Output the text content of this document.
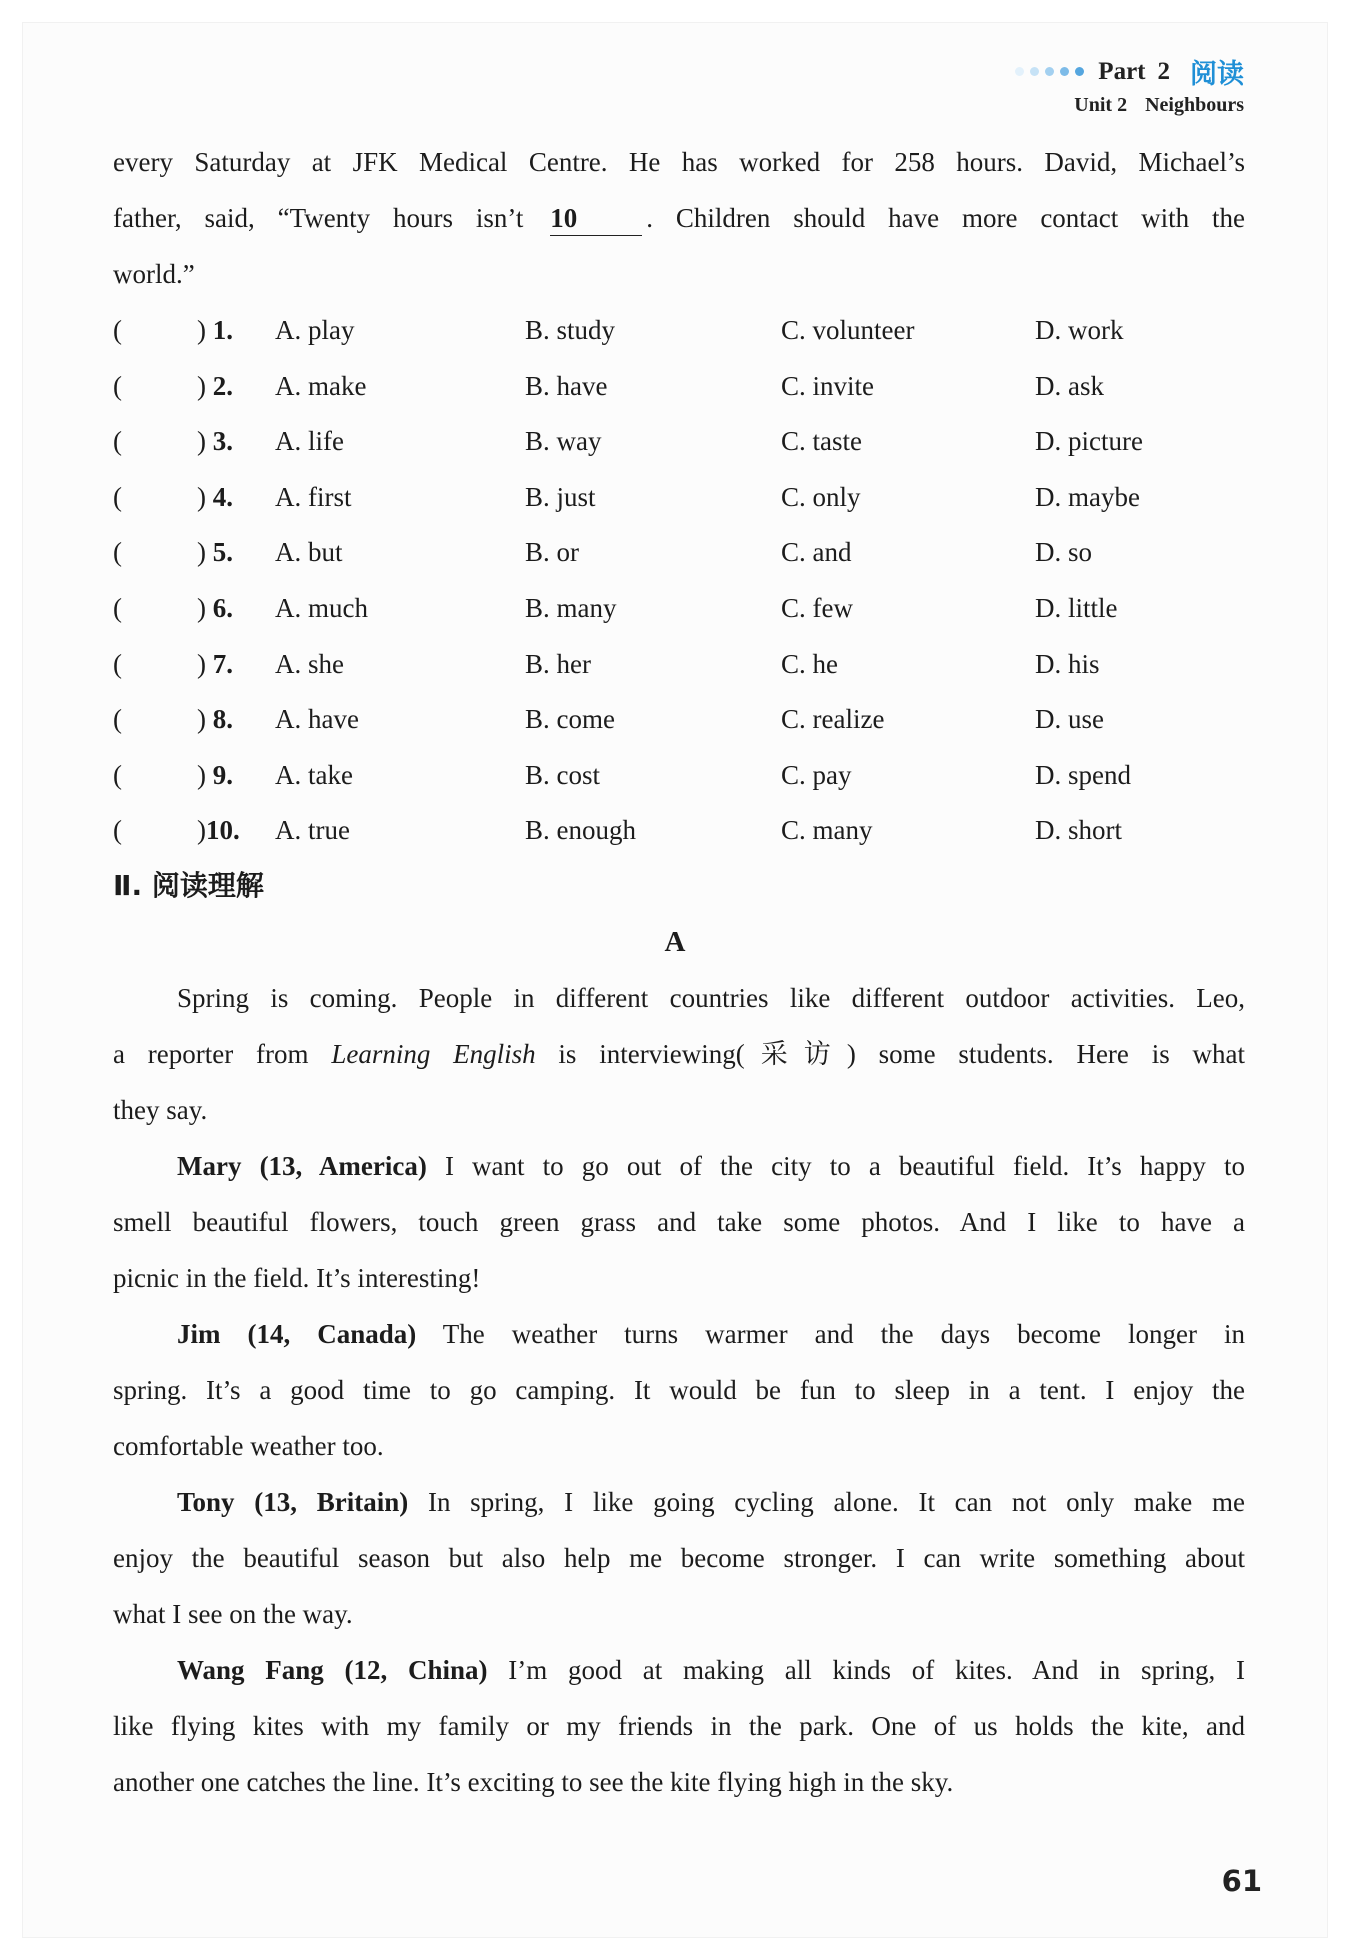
Part 2 阅读
Unit 2 Neighbours
every Saturday at JFK Medical Centre. He has worked for 258 hours. David, Michael’s
father, said, “Twenty hours isn’t 10	. Children should have more contact with the
world.”
(	) 1. A. play	B. study	C. volunteer	D. work
(	) 2. A. make	B. have	C. invite	D. ask
(	) 3. A. life	B. way	C. taste	D. picture
(	) 4. A. first	B. just	C. only	D. maybe
(	) 5. A. but	B. or	C. and	D. so
(	) 6. A. much	B. many	C. few	D. little
(	) 7. A. she	B. her	C. he	D. his
(	) 8. A. have	B. come	C. realize	D. use
(	) 9. A. take	B. cost	C. pay	D. spend
(	)10. A. true	B. enough	C. many	D. short
Ⅱ. 阅读理解
A
Spring is coming. People in different countries like different outdoor activities. Leo,
a reporter from Learning English is interviewing(采访) some students. Here is what
they say.
Mary (13, America) I want to go out of the city to a beautiful field. It’s happy to
smell beautiful flowers, touch green grass and take some photos. And I like to have a
picnic in the field. It’s interesting!
Jim (14, Canada) The weather turns warmer and the days become longer in
spring. It’s a good time to go camping. It would be fun to sleep in a tent. I enjoy the
comfortable weather too.
Tony (13, Britain) In spring, I like going cycling alone. It can not only make me
enjoy the beautiful season but also help me become stronger. I can write something about
what I see on the way.
Wang Fang (12, China) I’m good at making all kinds of kites. And in spring, I
like flying kites with my family or my friends in the park. One of us holds the kite, and
another one catches the line. It’s exciting to see the kite flying high in the sky.
61
